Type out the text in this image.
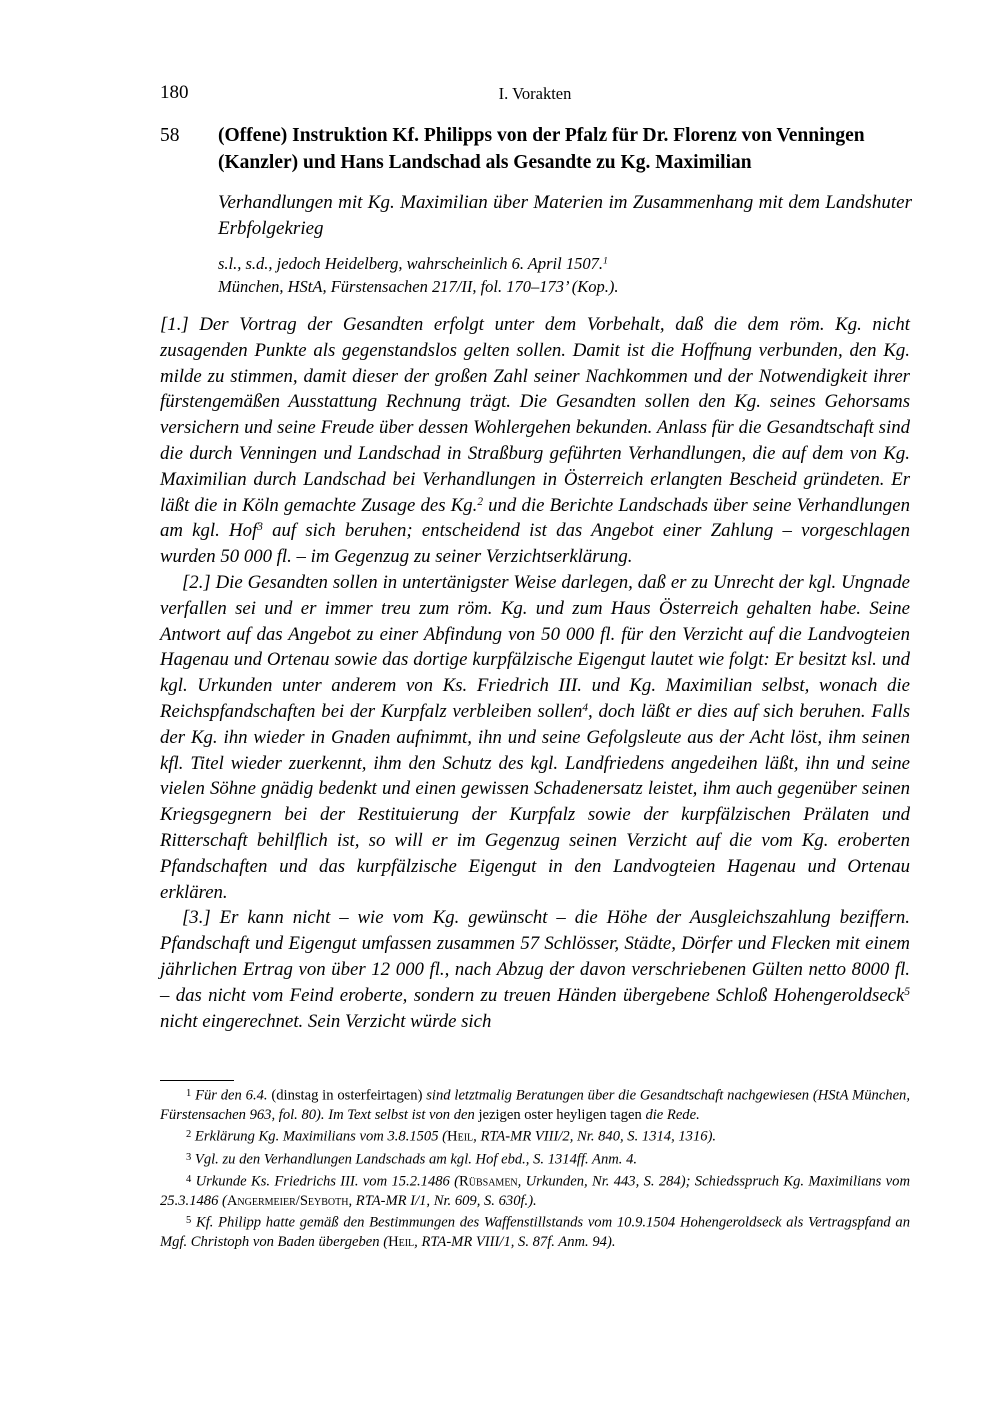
180	I. Vorakten
58 (Offene) Instruktion Kf. Philipps von der Pfalz für Dr. Florenz von Venningen (Kanzler) und Hans Landschad als Gesandte zu Kg. Maximilian
Verhandlungen mit Kg. Maximilian über Materien im Zusammenhang mit dem Landshuter Erbfolgekrieg
s.l., s.d., jedoch Heidelberg, wahrscheinlich 6. April 1507.$^1$
München, HStA, Fürstensachen 217/II, fol. 170–173’ (Kop.).

[1.] Der Vortrag der Gesandten erfolgt unter dem Vorbehalt, daß die dem röm. Kg. nicht zusagenden Punkte als gegenstandslos gelten sollen. Damit ist die Hoffnung verbunden, den Kg. milde zu stimmen, damit dieser der großen Zahl seiner Nachkommen und der Notwendigkeit ihrer fürstengemäßen Ausstattung Rechnung trägt. Die Gesandten sollen den Kg. seines Gehorsams versichern und seine Freude über dessen Wohlergehen bekunden. Anlass für die Gesandtschaft sind die durch Venningen und Landschad in Straßburg geführten Verhandlungen, die auf dem von Kg. Maximilian durch Landschad bei Verhandlungen in Österreich erlangten Bescheid gründeten. Er läßt die in Köln gemachte Zusage des Kg.$^2$ und die Berichte Landschads über seine Verhandlungen am kgl. Hof$^3$ auf sich beruhen; entscheidend ist das Angebot einer Zahlung – vorgeschlagen wurden 50 000 fl. – im Gegenzug zu seiner Verzichtserklärung.

[2.] Die Gesandten sollen in untertänigster Weise darlegen, daß er zu Unrecht der kgl. Ungnade verfallen sei und er immer treu zum röm. Kg. und zum Haus Österreich gehalten habe. Seine Antwort auf das Angebot zu einer Abfindung von 50 000 fl. für den Verzicht auf die Landvogteien Hagenau und Ortenau sowie das dortige kurpfälzische Eigengut lautet wie folgt: Er besitzt ksl. und kgl. Urkunden unter anderem von Ks. Friedrich III. und Kg. Maximilian selbst, wonach die Reichspfandschaften bei der Kurpfalz verbleiben sollen$^4$, doch läßt er dies auf sich beruhen. Falls der Kg. ihn wieder in Gnaden aufnimmt, ihn und seine Gefolgsleute aus der Acht löst, ihm seinen kfl. Titel wieder zuerkennt, ihm den Schutz des kgl. Landfriedens angedeihen läßt, ihn und seine vielen Söhne gnädig bedenkt und einen gewissen Schadenersatz leistet, ihm auch gegenüber seinen Kriegsgegnern bei der Restituierung der Kurpfalz sowie der kurpfälzischen Prälaten und Ritterschaft behilflich ist, so will er im Gegenzug seinen Verzicht auf die vom Kg. eroberten Pfandschaften und das kurpfälzische Eigengut in den Landvogteien Hagenau und Ortenau erklären.

[3.] Er kann nicht – wie vom Kg. gewünscht – die Höhe der Ausgleichszahlung beziffern. Pfandschaft und Eigengut umfassen zusammen 57 Schlösser, Städte, Dörfer und Flecken mit einem jährlichen Ertrag von über 12 000 fl., nach Abzug der davon verschriebenen Gülten netto 8000 fl. – das nicht vom Feind eroberte, sondern zu treuen Händen übergebene Schloß Hohengeroldseck$^5$ nicht eingerechnet. Sein Verzicht würde sich

$^1$ Für den 6.4. (dinstag in osterfeirtagen) sind letztmalig Beratungen über die Gesandtschaft nachgewiesen (HStA München, Fürstensachen 963, fol. 80). Im Text selbst ist von den jezigen oster heyligen tagen die Rede.

$^2$ Erklärung Kg. Maximilians vom 3.8.1505 (Heil, RTA-MR VIII/2, Nr. 840, S. 1314, 1316).

$^3$ Vgl. zu den Verhandlungen Landschads am kgl. Hof ebd., S. 1314ff. Anm. 4.

$^4$ Urkunde Ks. Friedrichs III. vom 15.2.1486 (Rübsamen, Urkunden, Nr. 443, S. 284); Schiedsspruch Kg. Maximilians vom 25.3.1486 (Angermeier/Seyboth, RTA-MR I/1, Nr. 609, S. 630f.).

$^5$ Kf. Philipp hatte gemäß den Bestimmungen des Waffenstillstands vom 10.9.1504 Hohengeroldseck als Vertragspfand an Mgf. Christoph von Baden übergeben (Heil, RTA-MR VIII/1, S. 87f. Anm. 94).
